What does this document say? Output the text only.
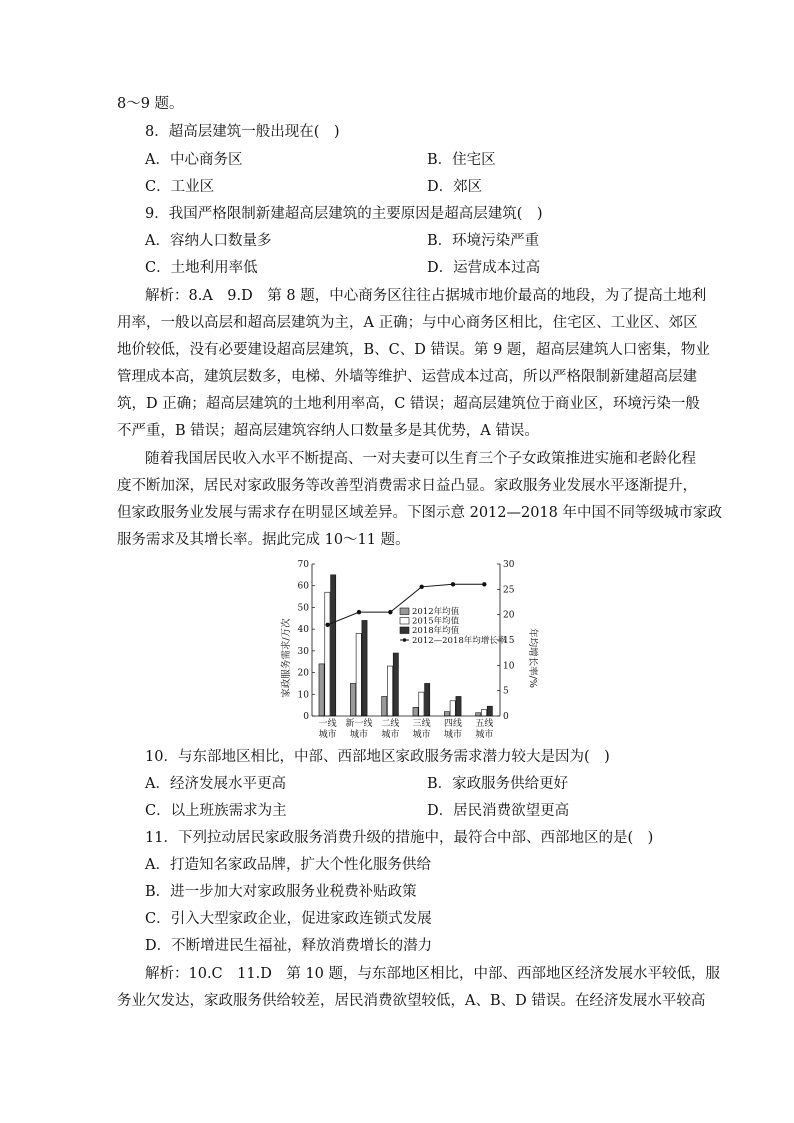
8～9 题。
8．超高层建筑一般出现在(　)
A．中心商务区	B．住宅区
C．工业区	D．郊区
9．我国严格限制新建超高层建筑的主要原因是超高层建筑(　)
A．容纳人口数量多	B．环境污染严重
C．土地利用率低	D．运营成本过高
解析：8.A　9.D　第 8 题，中心商务区往往占据城市地价最高的地段，为了提高土地利
用率，一般以高层和超高层建筑为主，A 正确；与中心商务区相比，住宅区、工业区、郊区
地价较低，没有必要建设超高层建筑，B、C、D 错误。第 9 题，超高层建筑人口密集，物业
管理成本高，建筑层数多，电梯、外墙等维护、运营成本过高，所以严格限制新建超高层建
筑，D 正确；超高层建筑的土地利用率高，C 错误；超高层建筑位于商业区，环境污染一般
不严重，B 错误；超高层建筑容纳人口数量多是其优势，A 错误。
随着我国居民收入水平不断提高、一对夫妻可以生育三个子女政策推进实施和老龄化程
度不断加深，居民对家政服务等改善型消费需求日益凸显。家政服务业发展水平逐渐提升，
但家政服务业发展与需求存在明显区域差异。下图示意 2012—2018 年中国不同等级城市家政
服务需求及其增长率。据此完成 10～11 题。
0
10
20
30
40
50
60
70
0
5
10
15
20
25
30
一线
城市
新一线
城市
二线
城市
三线
城市
四线
城市
五线
城市
家政服务需求/万次	年均增长率/%
2012年均值
2015年均值
2018年均值
2012—2018年均增长率
10．与东部地区相比，中部、西部地区家政服务需求潜力较大是因为(　)
A．经济发展水平更高	B．家政服务供给更好
C．以上班族需求为主	D．居民消费欲望更高
11．下列拉动居民家政服务消费升级的措施中，最符合中部、西部地区的是(　)
A．打造知名家政品牌，扩大个性化服务供给
B．进一步加大对家政服务业税费补贴政策
C．引入大型家政企业，促进家政连锁式发展
D．不断增进民生福祉，释放消费增长的潜力
解析：10.C　11.D　第 10 题，与东部地区相比，中部、西部地区经济发展水平较低，服
务业欠发达，家政服务供给较差，居民消费欲望较低，A、B、D 错误。在经济发展水平较高
